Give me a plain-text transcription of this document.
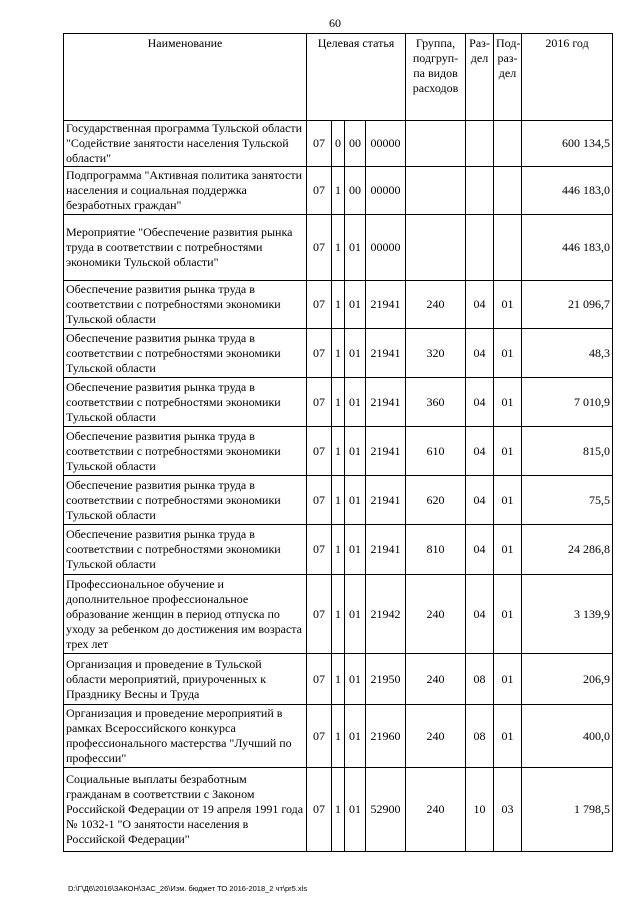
60
Наименование	Целевая статья				Группа, подгруп-па видов расходов	Раз-дел	Под-раз-дел	2016 год
Государственная программа Тульской области "Содействие занятости населения Тульской области"	07	0	00	00000				600 134,5
Подпрограмма "Активная политика занятости населения и социальная поддержка безработных граждан"	07	1	00	00000				446 183,0
Мероприятие "Обеспечение развития рынка труда в соответствии с потребностями экономики Тульской области"	07	1	01	00000				446 183,0
Обеспечение развития рынка труда в соответствии с потребностями экономики Тульской области	07	1	01	21941	240	04	01	21 096,7
Обеспечение развития рынка труда в соответствии с потребностями экономики Тульской области	07	1	01	21941	320	04	01	48,3
Обеспечение развития рынка труда в соответствии с потребностями экономики Тульской области	07	1	01	21941	360	04	01	7 010,9
Обеспечение развития рынка труда в соответствии с потребностями экономики Тульской области	07	1	01	21941	610	04	01	815,0
Обеспечение развития рынка труда в соответствии с потребностями экономики Тульской области	07	1	01	21941	620	04	01	75,5
Обеспечение развития рынка труда в соответствии с потребностями экономики Тульской области	07	1	01	21941	810	04	01	24 286,8
Профессиональное обучение и дополнительное профессиональное образование женщин в период отпуска по уходу за ребенком до достижения им возраста трех лет	07	1	01	21942	240	04	01	3 139,9
Организация и проведение в Тульской области мероприятий, приуроченных к Празднику Весны и Труда	07	1	01	21950	240	08	01	206,9
Организация и проведение мероприятий в рамках Всероссийского конкурса профессионального мастерства "Лучший по профессии"	07	1	01	21960	240	08	01	400,0
Социальные выплаты безработным гражданам в соответствии с Законом Российской Федерации от 19 апреля 1991 года № 1032-1 "О занятости населения в Российской Федерации"	07	1	01	52900	240	10	03	1 798,5
D:\Г\Д6\2016\ЗАКОН\ЗАС_26\Изм. бюджет ТО 2016-2018_2 чт\pr5.xls
